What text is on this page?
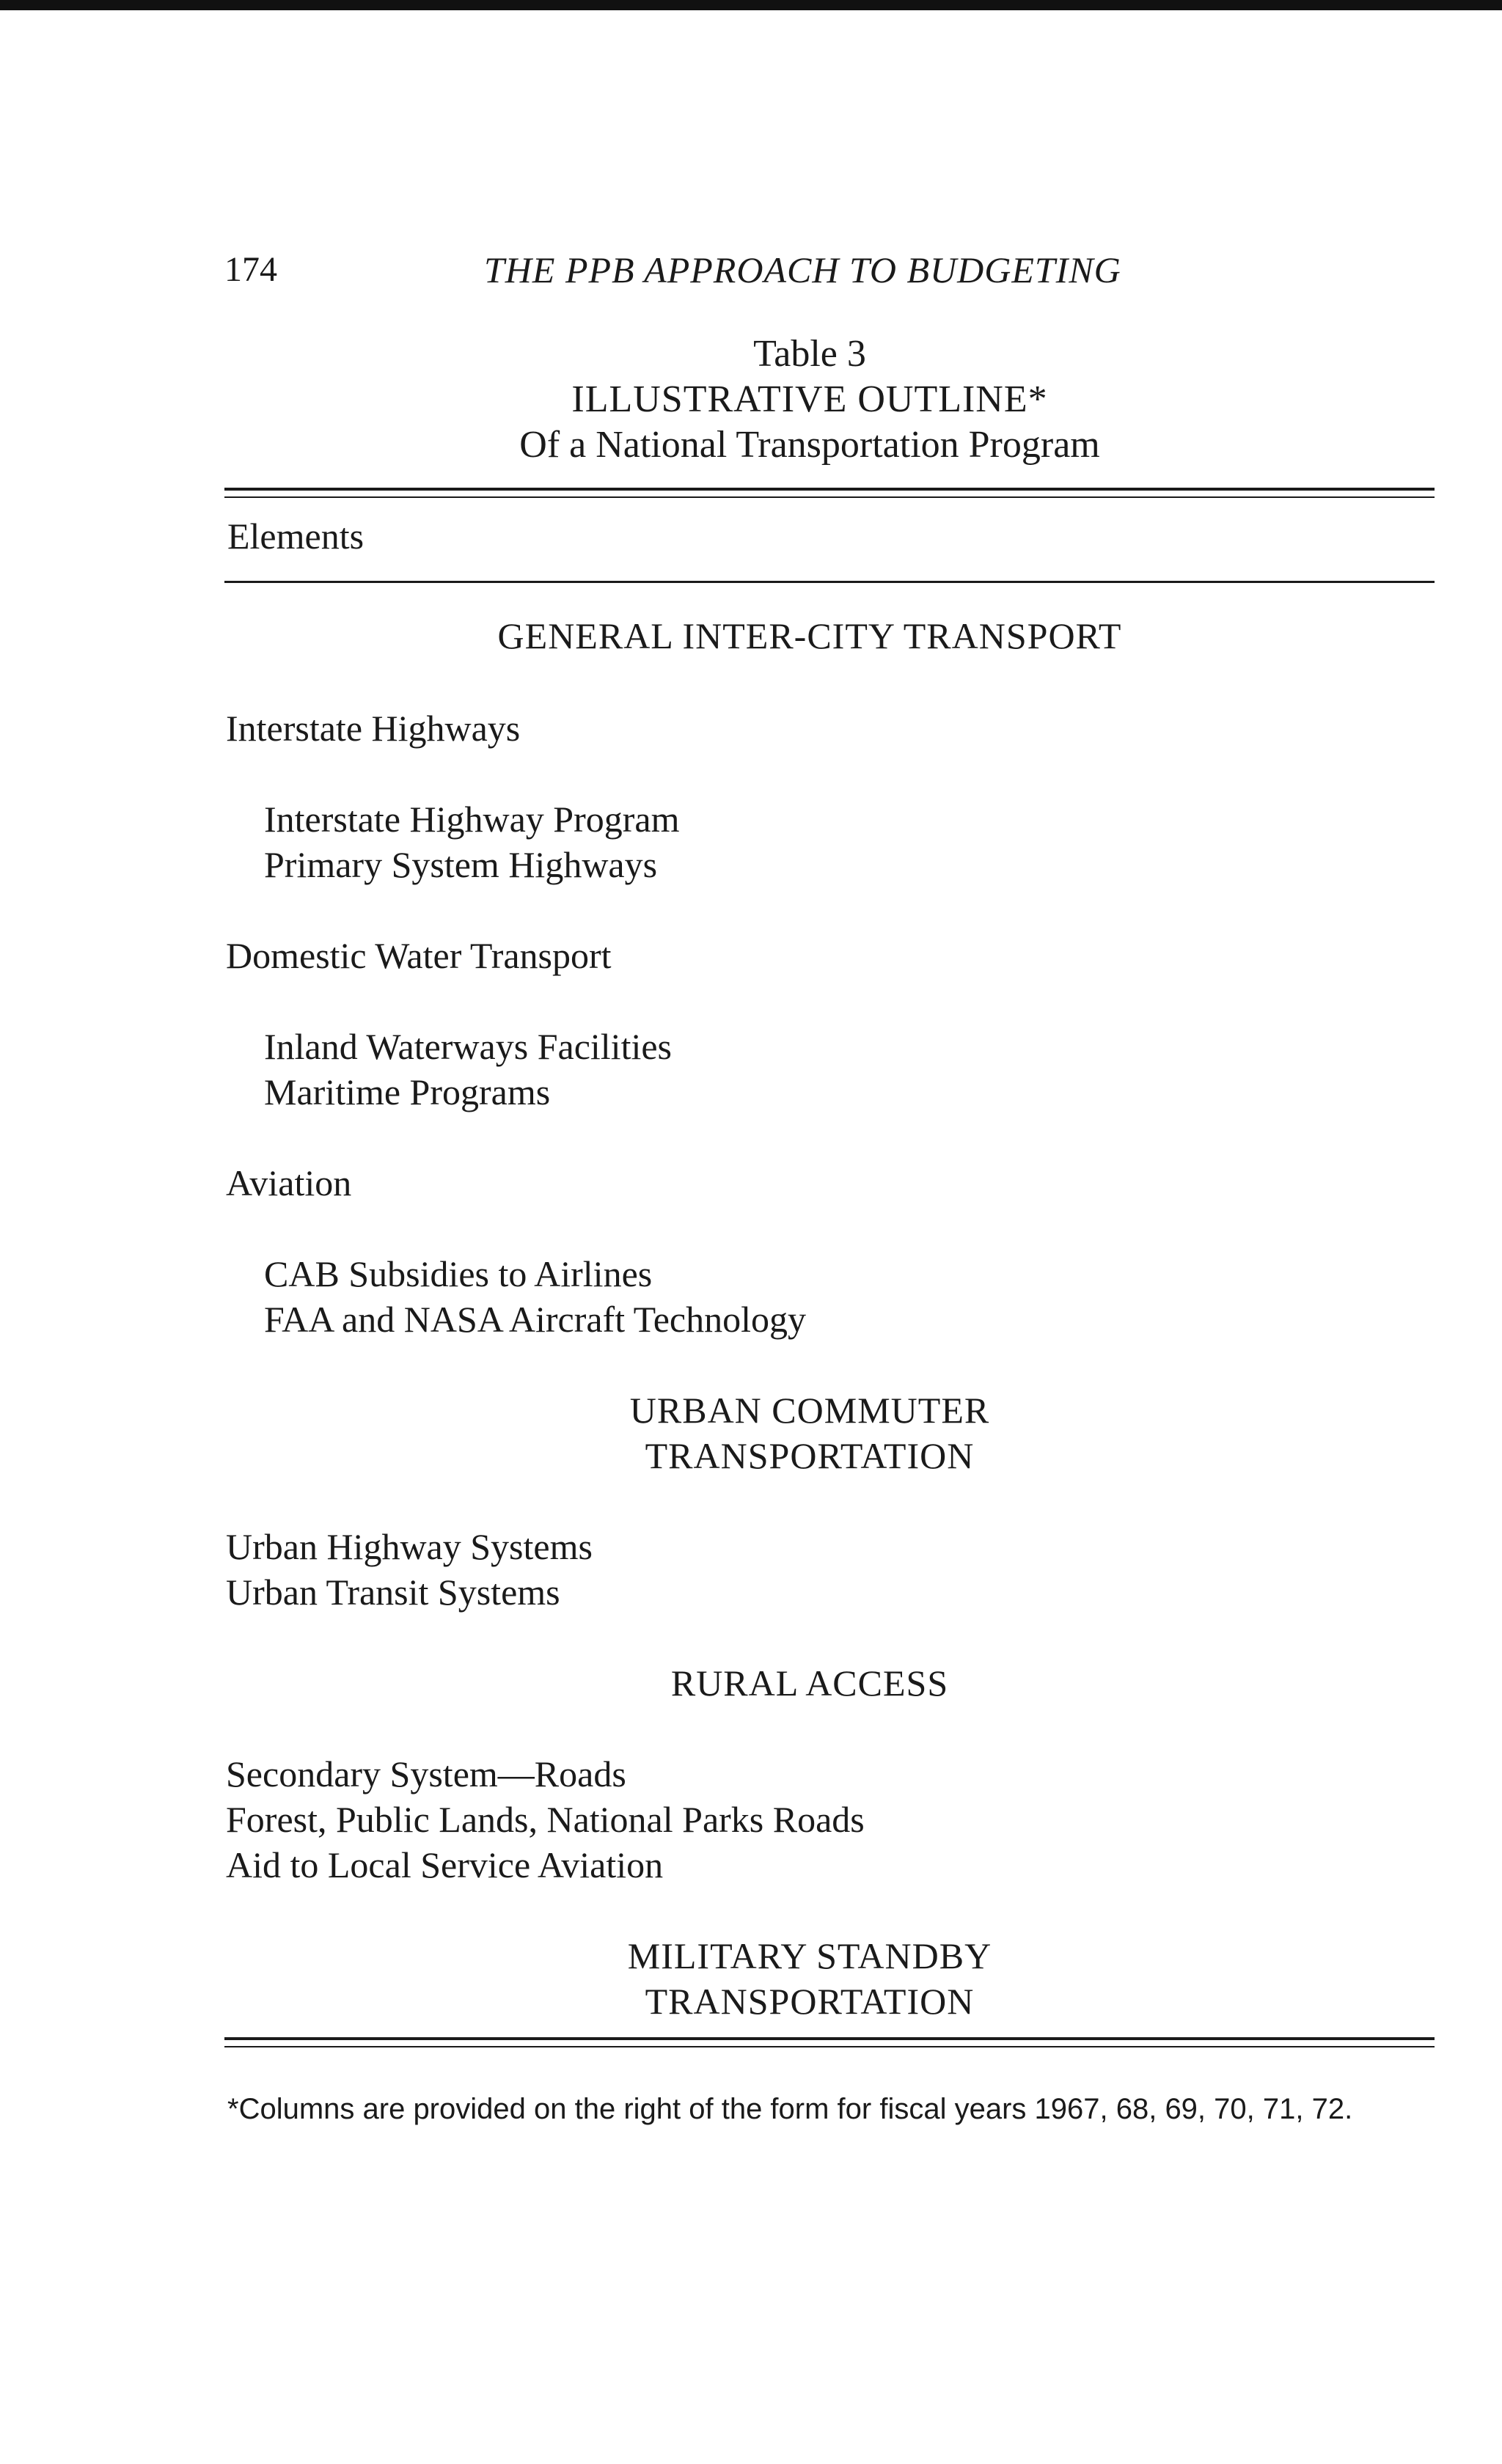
174	THE PPB APPROACH TO BUDGETING
Table 3
ILLUSTRATIVE OUTLINE*
Of a National Transportation Program
Elements
GENERAL INTER-CITY TRANSPORT
Interstate Highways
Interstate Highway Program
Primary System Highways
Domestic Water Transport
Inland Waterways Facilities
Maritime Programs
Aviation
CAB Subsidies to Airlines
FAA and NASA Aircraft Technology
URBAN COMMUTER
TRANSPORTATION
Urban Highway Systems
Urban Transit Systems
RURAL ACCESS
Secondary System—Roads
Forest, Public Lands, National Parks Roads
Aid to Local Service Aviation
MILITARY STANDBY
TRANSPORTATION
*Columns are provided on the right of the form for fiscal years 1967, 68, 69, 70, 71, 72.
